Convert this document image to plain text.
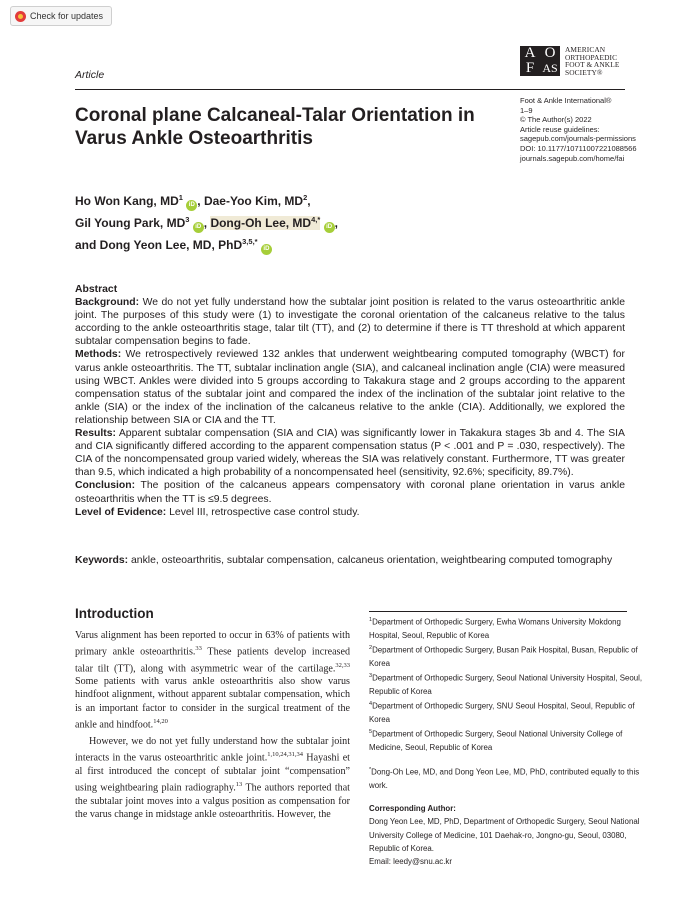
Check for updates
Article
A O
F AS
AMERICAN
ORTHOPAEDIC
FOOT & ANKLE
SOCIETY®
Foot & Ankle International®
1–9
© The Author(s) 2022
Article reuse guidelines:
sagepub.com/journals-permissions
DOI: 10.1177/10711007221088566
journals.sagepub.com/home/fai
Coronal plane Calcaneal-Talar Orientation in Varus Ankle Osteoarthritis
Ho Won Kang, $MD^1$ iD , Dae-Yoo Kim, $MD^2$,
Gil Young Park, $MD^3$ iD , Dong-Oh Lee, $MD^{4,*}$ iD ,
and Dong Yeon Lee, MD, PhD$^{3,5,*}$ iD
Abstract

Background: We do not yet fully understand how the subtalar joint position is related to the varus osteoarthritic ankle joint. The purposes of this study were (1) to investigate the coronal orientation of the calcaneus relative to the talus according to the ankle osteoarthritis stage, talar tilt (TT), and (2) to determine if there is TT threshold at which apparent subtalar compensation begins to fade.

Methods: We retrospectively reviewed 132 ankles that underwent weightbearing computed tomography (WBCT) for varus ankle osteoarthritis. The TT, subtalar inclination angle (SIA), and calcaneal inclination angle (CIA) were measured using WBCT. Ankles were divided into 5 groups according to Takakura stage and 2 groups according to the apparent compensation status of the subtalar joint and compared the index of the inclination of the subtalar joint relative to the ankle (SIA) or the index of the inclination of the calcaneus relative to the ankle (CIA). Additionally, we explored the relationship between SIA or CIA and the TT.

Results: Apparent subtalar compensation (SIA and CIA) was significantly lower in Takakura stages 3b and 4. The SIA and CIA significantly differed according to the apparent compensation status (P < .001 and P = .030, respectively). The CIA of the noncompensated group varied widely, whereas the SIA was relatively constant. Furthermore, TT was greater than 9.5, which indicated a high probability of a noncompensated heel (sensitivity, 92.6%; specificity, 89.7%).

Conclusion: The position of the calcaneus appears compensatory with coronal plane orientation in varus ankle osteoarthritis when the TT is ≤9.5 degrees.

Level of Evidence: Level III, retrospective case control study.

Keywords: ankle, osteoarthritis, subtalar compensation, calcaneus orientation, weightbearing computed tomography
Introduction

Varus alignment has been reported to occur in 63% of patients with primary ankle osteoarthritis.$^{33}$ These patients develop increased talar tilt (TT), along with asymmetric wear of the cartilage.$^{32,33}$ Some patients with varus ankle osteoarthritis also show varus hindfoot alignment, without apparent subtalar compensation, which is an important factor to consider in the surgical treatment of the ankle and hindfoot.$^{14,20}$

However, we do not yet fully understand how the subtalar joint interacts in the varus osteoarthritic ankle joint.$^{1,10,24,31,34}$ Hayashi et al first introduced the concept of subtalar joint “compensation” using weightbearing plain radiography.$^{13}$ The authors reported that the subtalar joint moves into a valgus position as compensation for the varus change in midstage ankle osteoarthritis. However, the

$^1$Department of Orthopedic Surgery, Ewha Womans University Mokdong Hospital, Seoul, Republic of Korea

$^2$Department of Orthopedic Surgery, Busan Paik Hospital, Busan, Republic of Korea

$^3$Department of Orthopedic Surgery, Seoul National University Hospital, Seoul, Republic of Korea

$^4$Department of Orthopedic Surgery, SNU Seoul Hospital, Seoul, Republic of Korea

$^5$Department of Orthopedic Surgery, Seoul National University College of Medicine, Seoul, Republic of Korea

*Dong-Oh Lee, MD, and Dong Yeon Lee, MD, PhD, contributed equally to this work.

Corresponding Author:

Dong Yeon Lee, MD, PhD, Department of Orthopedic Surgery, Seoul National University College of Medicine, 101 Daehak-ro, Jongno-gu, Seoul, 03080, Republic of Korea.

Email: leedy@snu.ac.kr
